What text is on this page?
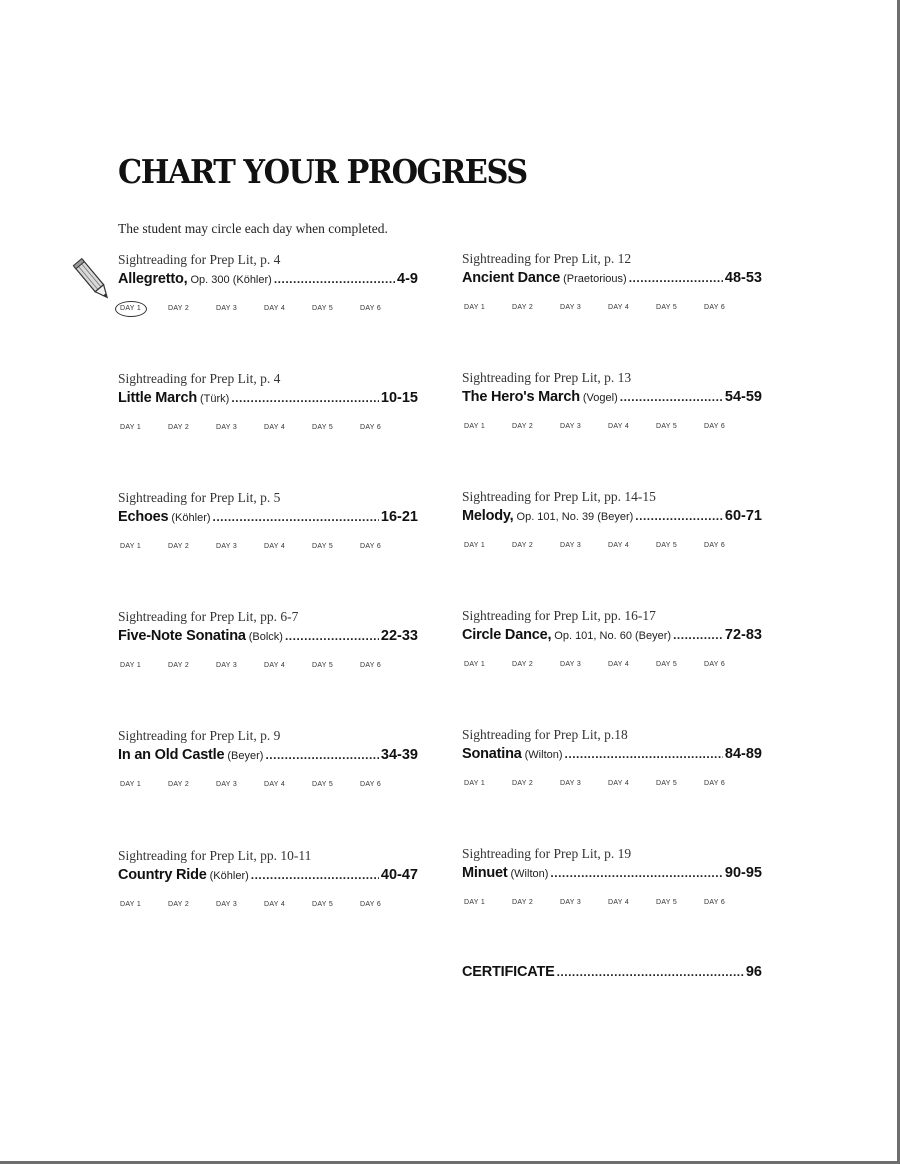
CHART YOUR PROGRESS
The student may circle each day when completed.
Sightreading for Prep Lit, p. 4
Allegretto, Op. 300 (Köhler) .....	4-9
DAY 1	DAY 2	DAY 3	DAY 4	DAY 5	DAY 6
Sightreading for Prep Lit, p. 4
Little March (Türk) .....	10-15
DAY 1	DAY 2	DAY 3	DAY 4	DAY 5	DAY 6
Sightreading for Prep Lit, p. 5
Echoes (Köhler) .....	16-21
DAY 1	DAY 2	DAY 3	DAY 4	DAY 5	DAY 6
Sightreading for Prep Lit, pp. 6-7
Five-Note Sonatina (Bolck) .....	22-33
DAY 1	DAY 2	DAY 3	DAY 4	DAY 5	DAY 6
Sightreading for Prep Lit, p. 9
In an Old Castle (Beyer) .....	34-39
DAY 1	DAY 2	DAY 3	DAY 4	DAY 5	DAY 6
Sightreading for Prep Lit, pp. 10-11
Country Ride (Köhler) .....	40-47
DAY 1	DAY 2	DAY 3	DAY 4	DAY 5	DAY 6
Sightreading for Prep Lit, p. 12
Ancient Dance (Praetorious) .....	48-53
DAY 1	DAY 2	DAY 3	DAY 4	DAY 5	DAY 6
Sightreading for Prep Lit, p. 13
The Hero's March (Vogel) .....	54-59
DAY 1	DAY 2	DAY 3	DAY 4	DAY 5	DAY 6
Sightreading for Prep Lit, pp. 14-15
Melody, Op. 101, No. 39 (Beyer) .....	60-71
DAY 1	DAY 2	DAY 3	DAY 4	DAY 5	DAY 6
Sightreading for Prep Lit, pp. 16-17
Circle Dance, Op. 101, No. 60 (Beyer) .....	72-83
DAY 1	DAY 2	DAY 3	DAY 4	DAY 5	DAY 6
Sightreading for Prep Lit, p.18
Sonatina (Wilton) .....	84-89
DAY 1	DAY 2	DAY 3	DAY 4	DAY 5	DAY 6
Sightreading for Prep Lit, p. 19
Minuet (Wilton) .....	90-95
DAY 1	DAY 2	DAY 3	DAY 4	DAY 5	DAY 6
CERTIFICATE .....	96
